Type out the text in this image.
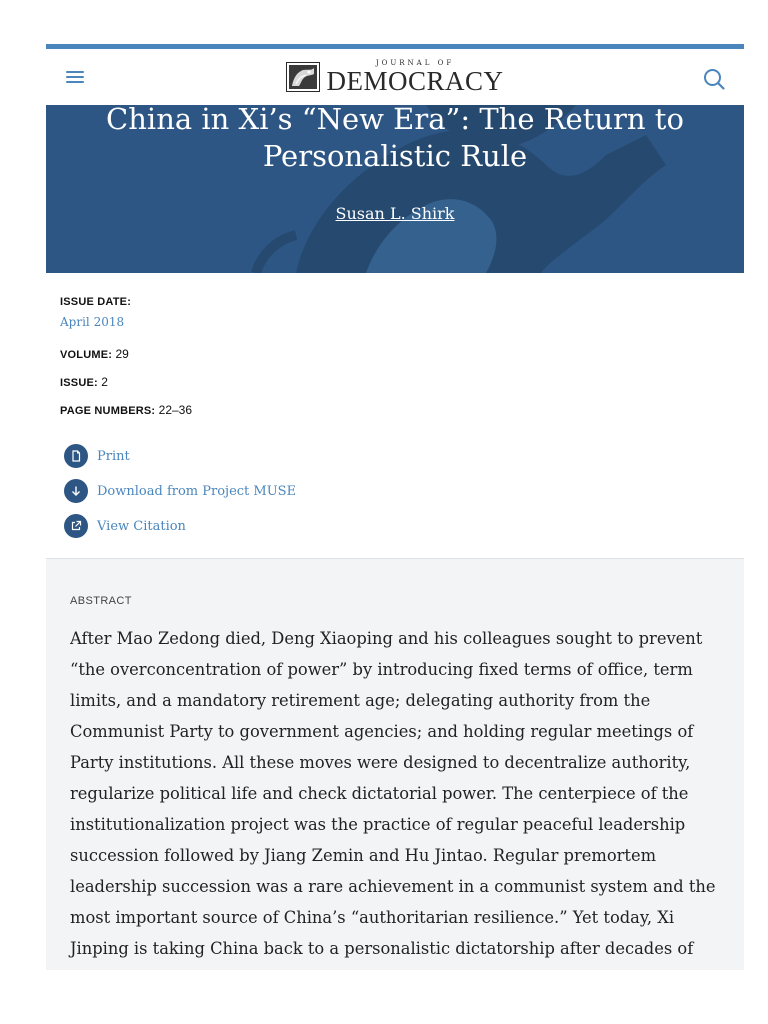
JOURNAL OF
DEMOCRACY
China in Xi’s “New Era”: The Return to Personalistic Rule
Susan L. Shirk
ISSUE DATE:
April 2018
VOLUME: 29
ISSUE: 2
PAGE NUMBERS: 22–36
Print
Download from Project MUSE
View Citation
ABSTRACT

After Mao Zedong died, Deng Xiaoping and his colleagues sought to prevent “the overconcentration of power” by introducing fixed terms of office, term limits, and a mandatory retirement age; delegating authority from the Communist Party to government agencies; and holding regular meetings of Party institutions. All these moves were designed to decentralize authority, regularize political life and check dictatorial power. The centerpiece of the institutionalization project was the practice of regular peaceful leadership succession followed by Jiang Zemin and Hu Jintao. Regular premortem leadership succession was a rare achievement in a communist system and the most important source of China’s “authoritarian resilience.” Yet today, Xi Jinping is taking China back to a personalistic dictatorship after decades of
